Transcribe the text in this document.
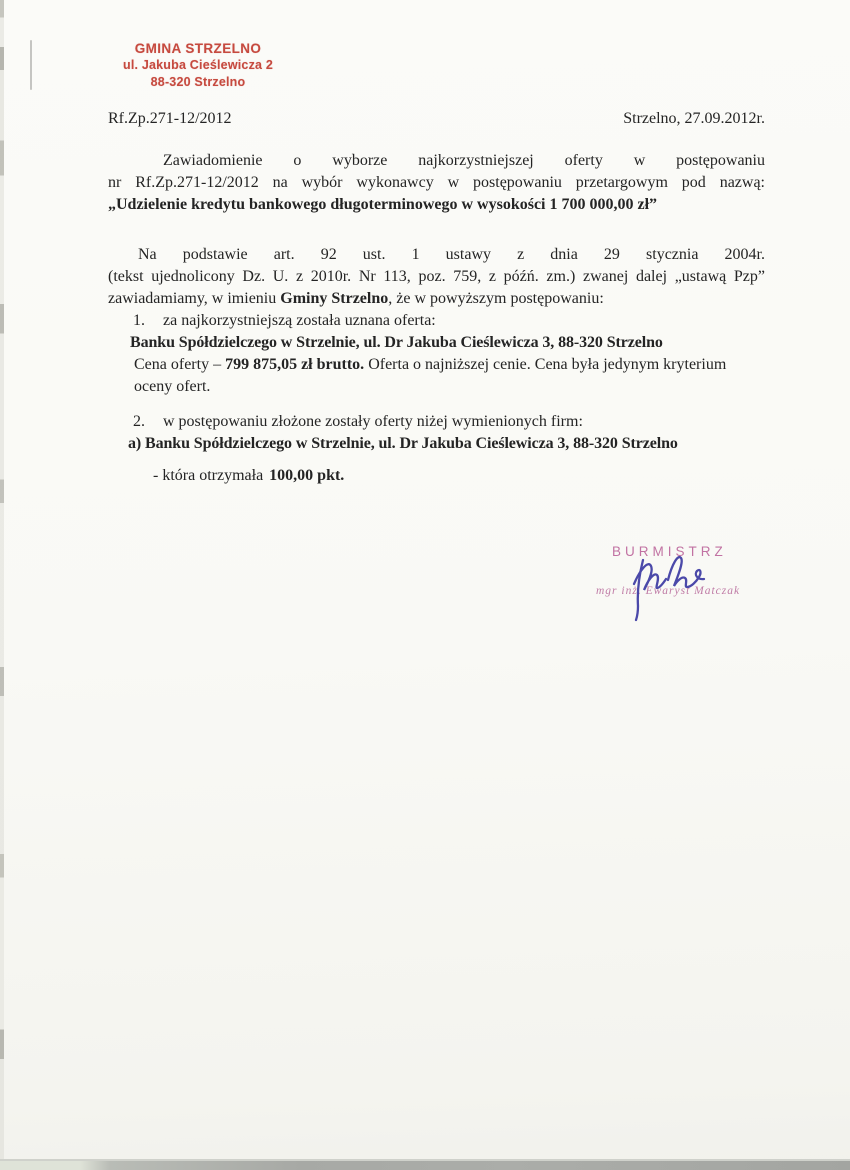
GMINA STRZELNO
ul. Jakuba Cieślewicza 2
88-320 Strzelno
Rf.Zp.271-12/2012	Strzelno, 27.09.2012r.
Zawiadomienie o wyborze najkorzystniejszej oferty w postępowaniu
nr Rf.Zp.271-12/2012 na wybór wykonawcy w postępowaniu przetargowym pod nazwą:
„Udzielenie kredytu bankowego długoterminowego w wysokości 1 700 000,00 zł”
Na podstawie art. 92 ust. 1 ustawy z dnia 29 stycznia 2004r.
(tekst ujednolicony Dz. U. z 2010r. Nr 113, poz. 759, z późń. zm.) zwanej dalej „ustawą Pzp”
zawiadamiamy, w imieniu Gminy Strzelno, że w powyższym postępowaniu:
1. za najkorzystniejszą została uznana oferta:
Banku Spółdzielczego w Strzelnie, ul. Dr Jakuba Cieślewicza 3, 88-320 Strzelno
Cena oferty – 799 875,05 zł brutto. Oferta o najniższej cenie. Cena była jedynym kryterium
oceny ofert.
2. w postępowaniu złożone zostały oferty niżej wymienionych firm:
a) Banku Spółdzielczego w Strzelnie, ul. Dr Jakuba Cieślewicza 3, 88-320 Strzelno
- która otrzymała 100,00 pkt.
BURMISTRZ
mgr inż. Ewaryst Matczak
